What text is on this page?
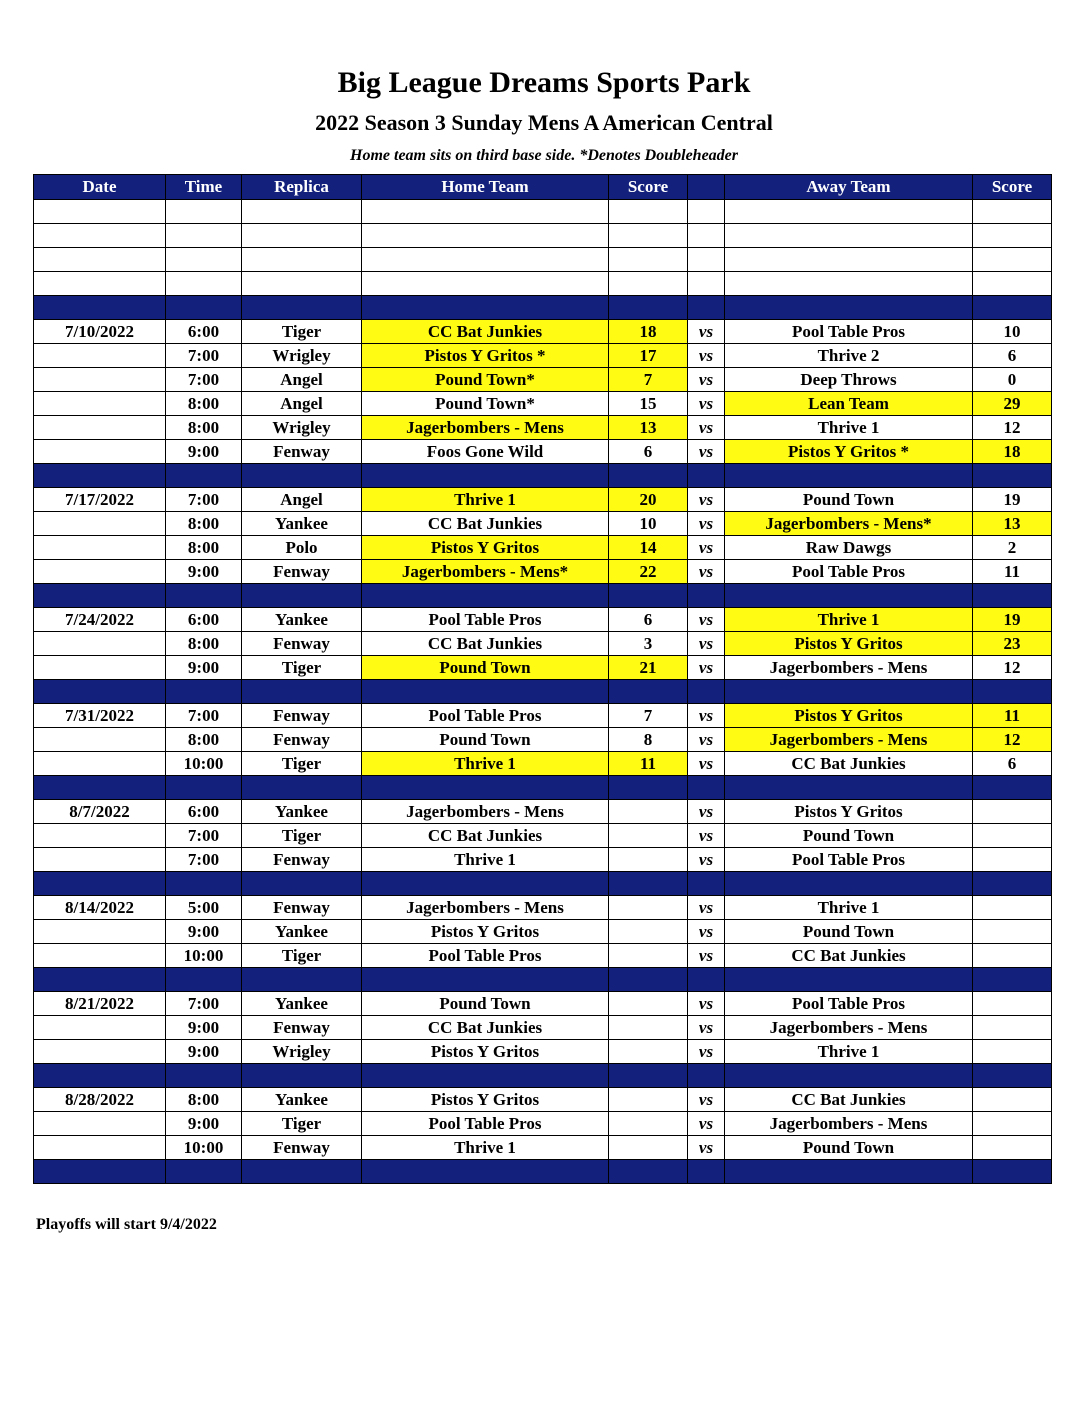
Big League Dreams Sports Park
2022 Season 3 Sunday Mens A American Central
Home team sits on third base side. *Denotes Doubleheader
Date	Time	Replica	Home Team	Score		Away Team	Score

7/10/2022	6:00	Tiger	CC Bat Junkies	18	vs	Pool Table Pros	10
	7:00	Wrigley	Pistos Y Gritos *	17	vs	Thrive 2	6
	7:00	Angel	Pound Town*	7	vs	Deep Throws	0
	8:00	Angel	Pound Town*	15	vs	Lean Team	29
	8:00	Wrigley	Jagerbombers - Mens	13	vs	Thrive 1	12
	9:00	Fenway	Foos Gone Wild	6	vs	Pistos Y Gritos *	18

7/17/2022	7:00	Angel	Thrive 1	20	vs	Pound Town	19
	8:00	Yankee	CC Bat Junkies	10	vs	Jagerbombers - Mens*	13
	8:00	Polo	Pistos Y Gritos	14	vs	Raw Dawgs	2
	9:00	Fenway	Jagerbombers - Mens*	22	vs	Pool Table Pros	11

7/24/2022	6:00	Yankee	Pool Table Pros	6	vs	Thrive 1	19
	8:00	Fenway	CC Bat Junkies	3	vs	Pistos Y Gritos	23
	9:00	Tiger	Pound Town	21	vs	Jagerbombers - Mens	12

7/31/2022	7:00	Fenway	Pool Table Pros	7	vs	Pistos Y Gritos	11
	8:00	Fenway	Pound Town	8	vs	Jagerbombers - Mens	12
	10:00	Tiger	Thrive 1	11	vs	CC Bat Junkies	6

8/7/2022	6:00	Yankee	Jagerbombers - Mens		vs	Pistos Y Gritos	
	7:00	Tiger	CC Bat Junkies		vs	Pound Town	
	7:00	Fenway	Thrive 1		vs	Pool Table Pros	

8/14/2022	5:00	Fenway	Jagerbombers - Mens		vs	Thrive 1	
	9:00	Yankee	Pistos Y Gritos		vs	Pound Town	
	10:00	Tiger	Pool Table Pros		vs	CC Bat Junkies	

8/21/2022	7:00	Yankee	Pound Town		vs	Pool Table Pros	
	9:00	Fenway	CC Bat Junkies		vs	Jagerbombers - Mens	
	9:00	Wrigley	Pistos Y Gritos		vs	Thrive 1	

8/28/2022	8:00	Yankee	Pistos Y Gritos		vs	CC Bat Junkies	
	9:00	Tiger	Pool Table Pros		vs	Jagerbombers - Mens	
	10:00	Fenway	Thrive 1		vs	Pound Town	

Playoffs will start 9/4/2022
